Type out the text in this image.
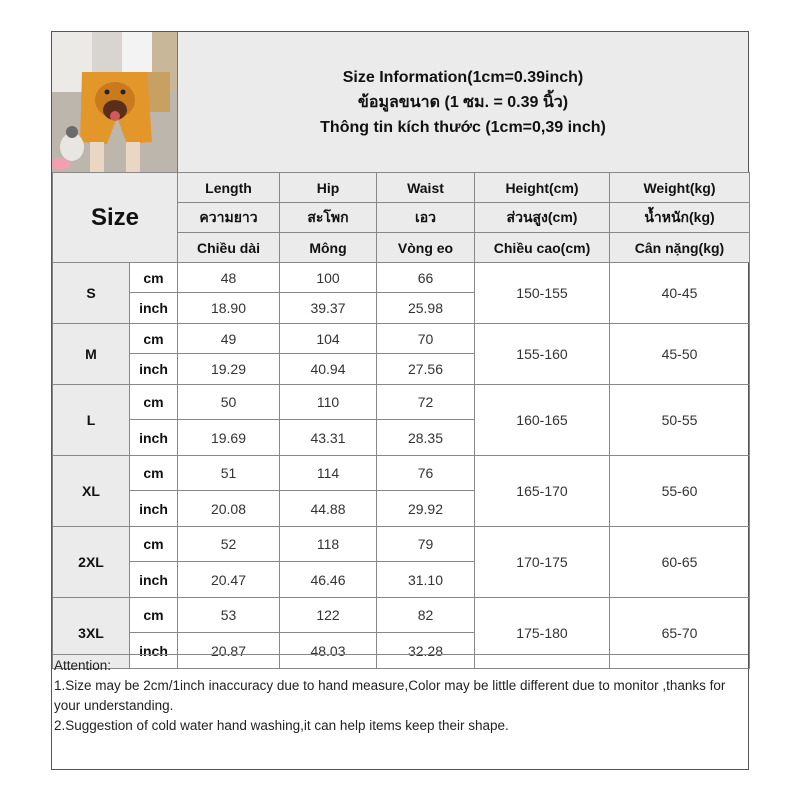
Size Information(1cm=0.39inch)
ข้อมูลขนาด (1 ซม. = 0.39 นิ้ว)
Thông tin kích thước (1cm=0,39 inch)
Size		Length	Hip	Waist	Height(cm)	Weight(kg)
		ความยาว	สะโพก	เอว	ส่วนสูง(cm)	น้ำหนัก(kg)
		Chiều dài	Mông	Vòng eo	Chiều cao(cm)	Cân nặng(kg)
S	cm	48	100	66	150-155	40-45
	inch	18.90	39.37	25.98		
M	cm	49	104	70	155-160	45-50
	inch	19.29	40.94	27.56		
L	cm	50	110	72	160-165	50-55
	inch	19.69	43.31	28.35		
XL	cm	51	114	76	165-170	55-60
	inch	20.08	44.88	29.92		
2XL	cm	52	118	79	170-175	60-65
	inch	20.47	46.46	31.10		
3XL	cm	53	122	82	175-180	65-70
	inch	20.87	48.03	32.28		
Attention:
1.Size may be 2cm/1inch inaccuracy due to hand measure,Color may be little different due to monitor ,thanks for your understanding.
2.Suggestion of cold water hand washing,it can help items keep their shape.
